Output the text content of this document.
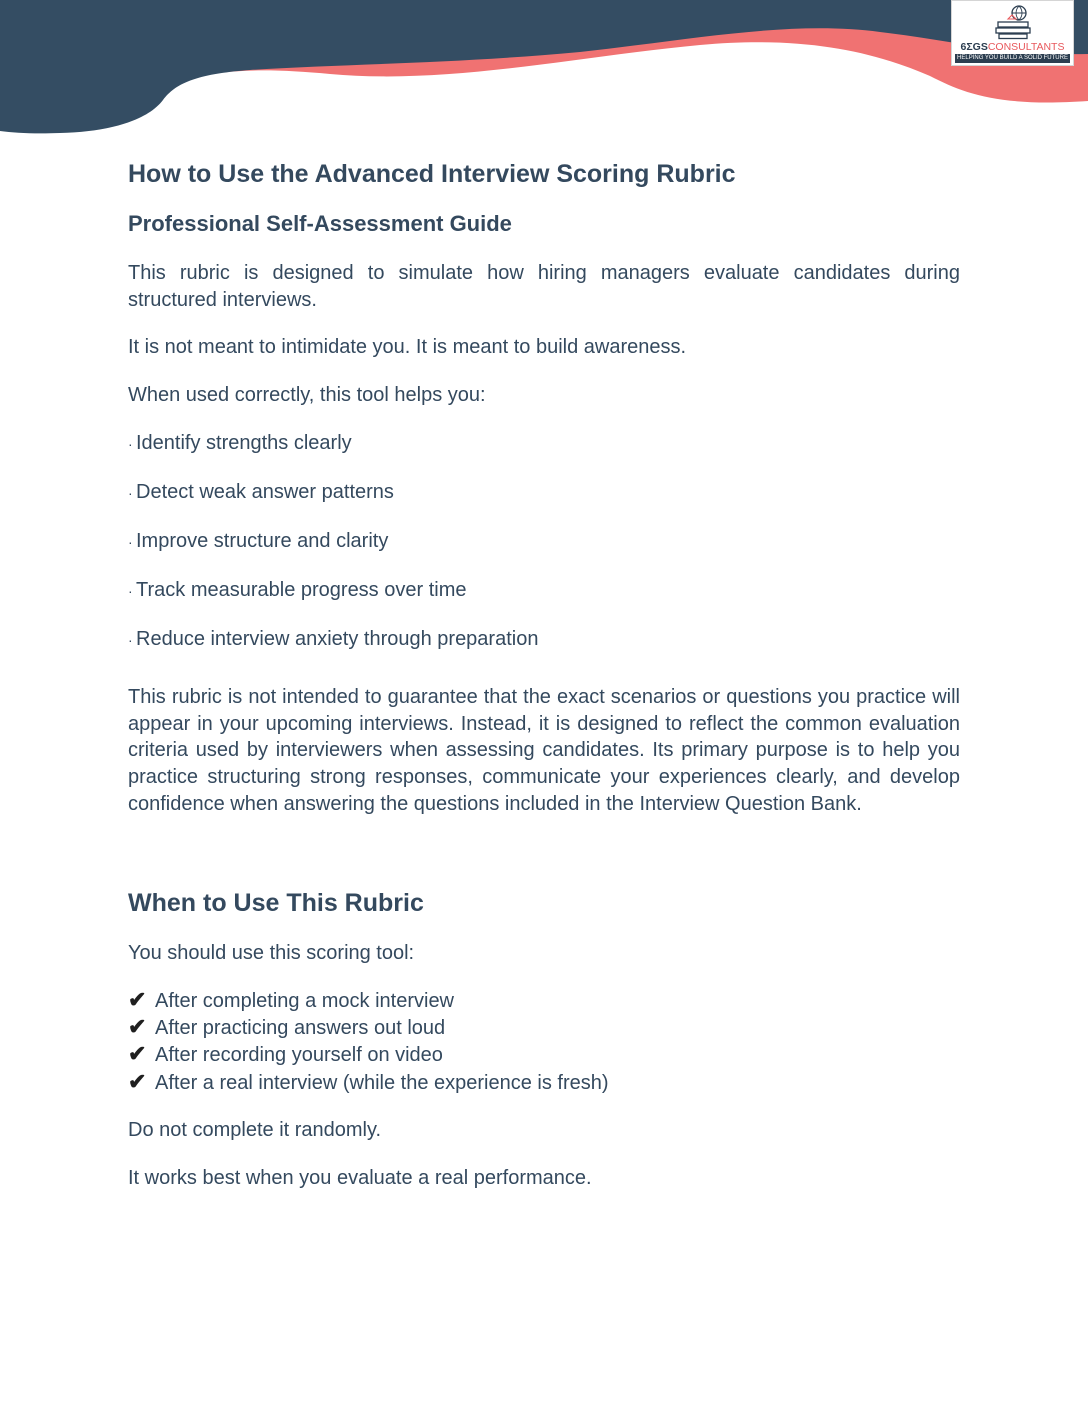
6ΣGSCONSULTANTS
HELPING YOU BUILD A SOLID FUTURE
How to Use the Advanced Interview Scoring Rubric
Professional Self-Assessment Guide

This rubric is designed to simulate how hiring managers evaluate candidates during structured interviews.

It is not meant to intimidate you. It is meant to build awareness.

When used correctly, this tool helps you:

· Identify strengths clearly
· Detect weak answer patterns
· Improve structure and clarity
· Track measurable progress over time
· Reduce interview anxiety through preparation

This rubric is not intended to guarantee that the exact scenarios or questions you practice will appear in your upcoming interviews. Instead, it is designed to reflect the common evaluation criteria used by interviewers when assessing candidates. Its primary purpose is to help you practice structuring strong responses, communicate your experiences clearly, and develop confidence when answering the questions included in the Interview Question Bank.

When to Use This Rubric

You should use this scoring tool:

✔ After completing a mock interview
✔ After practicing answers out loud
✔ After recording yourself on video
✔ After a real interview (while the experience is fresh)

Do not complete it randomly.

It works best when you evaluate a real performance.
